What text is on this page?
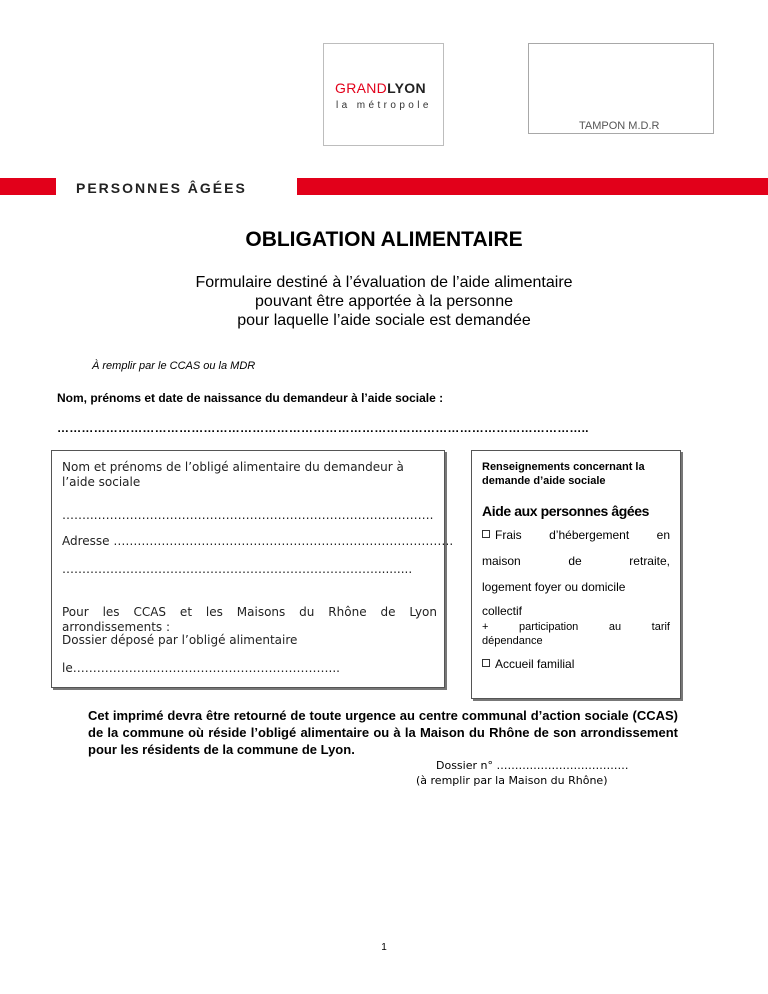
GRANDLYON
la métropole
TAMPON M.D.R
PERSONNES ÂGÉES
OBLIGATION ALIMENTAIRE
Formulaire destiné à l’évaluation de l’aide alimentaire
pouvant être apportée à la personne
pour laquelle l’aide sociale est demandée
À remplir par le CCAS ou la MDR
Nom, prénoms et date de naissance du demandeur à l’aide sociale :
…………………………………………………………………………………………………………………..
Nom et prénoms de l’obligé alimentaire du demandeur à l’aide sociale
……..………………………………………………………………………….
Adresse ………………………………………………………………………….
……………………………………………………………………..........
Pour les CCAS et les Maisons du Rhône de Lyon arrondissements :
Dossier déposé par l’obligé alimentaire
le……………….………………………………………...
Renseignements concernant la demande d’aide sociale
Aide aux personnes âgées
Frais d’hébergement en
maison de retraite,
logement foyer ou domicile
collectif
+ participation au tarif
dépendance
Accueil familial
Cet imprimé devra être retourné de toute urgence au centre communal d’action sociale (CCAS) de la commune où réside l’obligé alimentaire ou à la Maison du Rhône de son arrondissement pour les résidents de la commune de Lyon.
Dossier n° ………………………………
(à remplir par la Maison du Rhône)
1
